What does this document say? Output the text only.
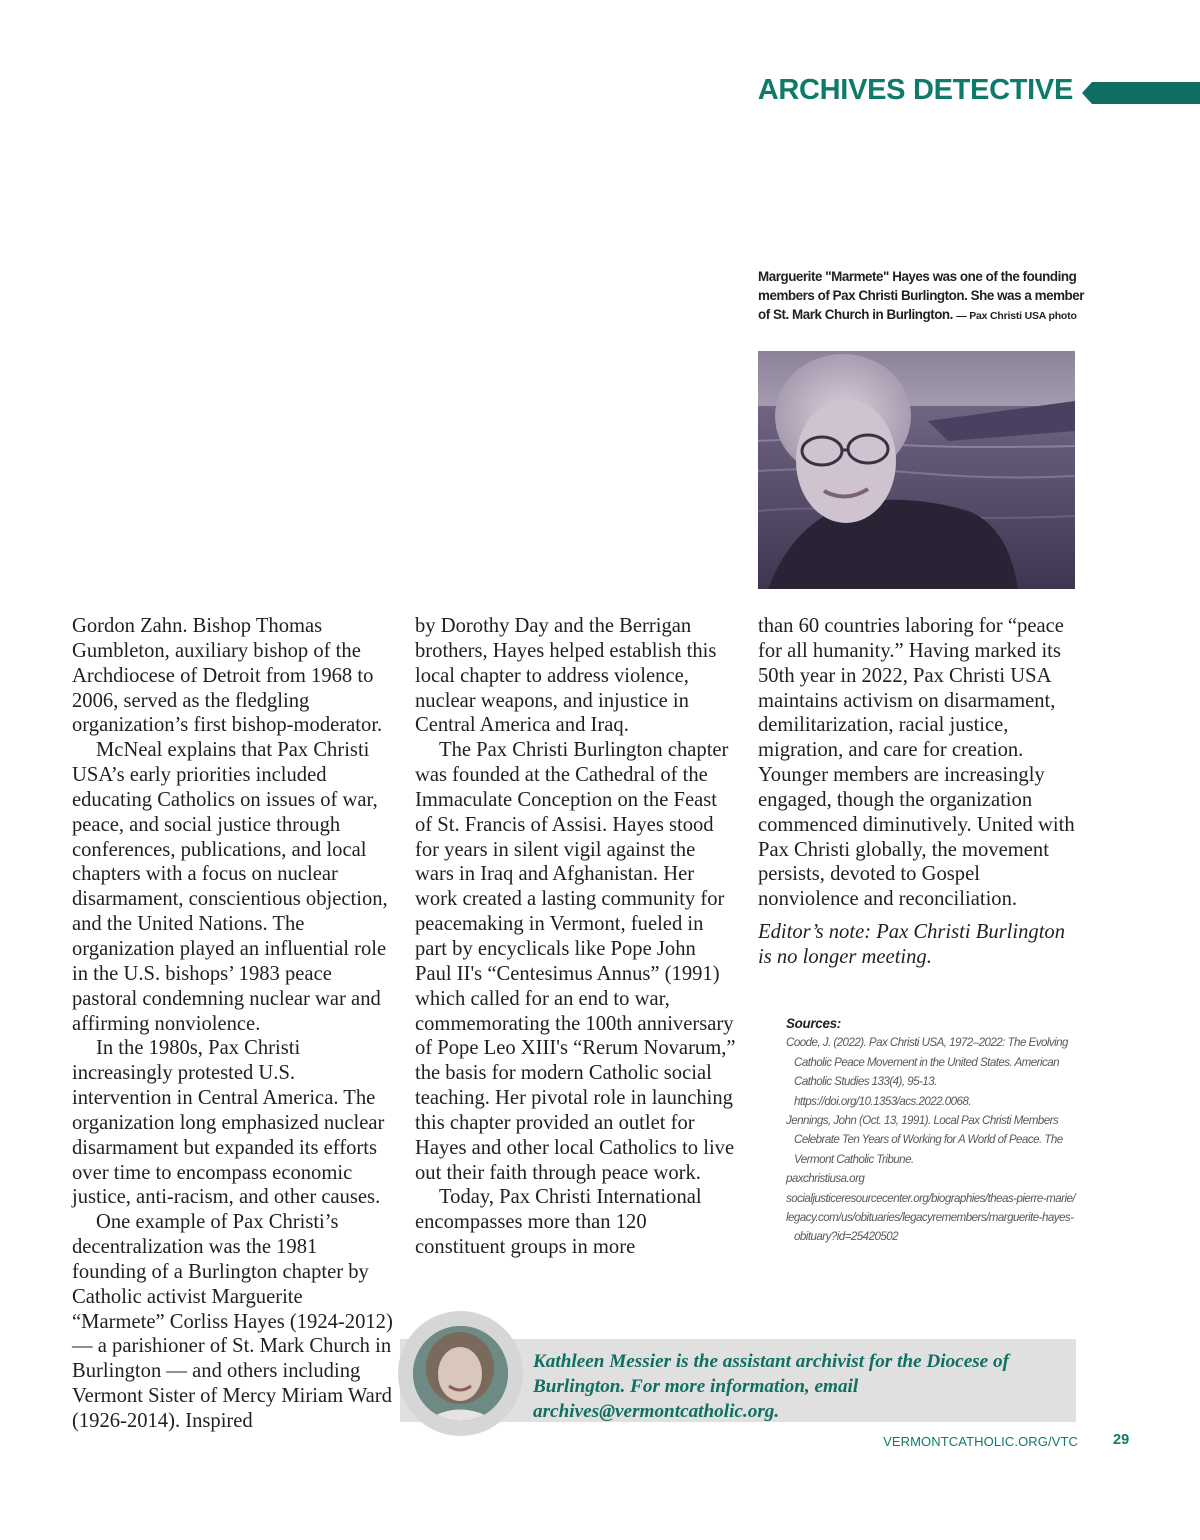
ARCHIVES DETECTIVE
Marguerite "Marmete" Hayes was one of the founding members of Pax Christi Burlington. She was a member of St. Mark Church in Burlington. — Pax Christi USA photo

Gordon Zahn. Bishop Thomas Gumbleton, auxiliary bishop of the Archdiocese of Detroit from 1968 to 2006, served as the fledgling organization’s first bishop-moderator.

McNeal explains that Pax Christi USA’s early priorities included educating Catholics on issues of war, peace, and social justice through conferences, publications, and local chapters with a focus on nuclear disarmament, conscientious objection, and the United Nations. The organization played an influential role in the U.S. bishops’ 1983 peace pastoral condemning nuclear war and affirming nonviolence.

In the 1980s, Pax Christi increasingly protested U.S. intervention in Central America. The organization long emphasized nuclear disarmament but expanded its efforts over time to encompass economic justice, anti-racism, and other causes.

One example of Pax Christi’s decentralization was the 1981 founding of a Burlington chapter by Catholic activist Marguerite “Marmete” Corliss Hayes (1924-2012) — a parishioner of St. Mark Church in Burlington — and others including Vermont Sister of Mercy Miriam Ward (1926-2014). Inspired

by Dorothy Day and the Berrigan brothers, Hayes helped establish this local chapter to address violence, nuclear weapons, and injustice in Central America and Iraq.

The Pax Christi Burlington chapter was founded at the Cathedral of the Immaculate Conception on the Feast of St. Francis of Assisi. Hayes stood for years in silent vigil against the wars in Iraq and Afghanistan. Her work created a lasting community for peacemaking in Vermont, fueled in part by encyclicals like Pope John Paul II's “Centesimus Annus” (1991) which called for an end to war, commemorating the 100th anniversary of Pope Leo XIII's “Rerum Novarum,” the basis for modern Catholic social teaching. Her pivotal role in launching this chapter provided an outlet for Hayes and other local Catholics to live out their faith through peace work.

Today, Pax Christi International encompasses more than 120 constituent groups in more

than 60 countries laboring for “peace for all humanity.” Having marked its 50th year in 2022, Pax Christi USA maintains activism on disarmament, demilitarization, racial justice, migration, and care for creation. Younger members are increasingly engaged, though the organization commenced diminutively. United with Pax Christi globally, the movement persists, devoted to Gospel nonviolence and reconciliation.

Editor’s note: Pax Christi Burlington is no longer meeting.

Sources:
Coode, J. (2022). Pax Christi USA, 1972–2022: The Evolving Catholic Peace Movement in the United States. American Catholic Studies 133(4), 95-13. https://doi.org/10.1353/acs.2022.0068.
Jennings, John (Oct. 13, 1991). Local Pax Christi Members Celebrate Ten Years of Working for A World of Peace. The Vermont Catholic Tribune.
paxchristiusa.org
socialjusticeresourcecenter.org/biographies/theas-pierre-marie/
legacy.com/us/obituaries/legacyremembers/marguerite-hayes-obituary?id=25420502
Kathleen Messier is the assistant archivist for the Diocese of Burlington. For more information, email archives@vermontcatholic.org.
VERMONTCATHOLIC.ORG/VTC 29
